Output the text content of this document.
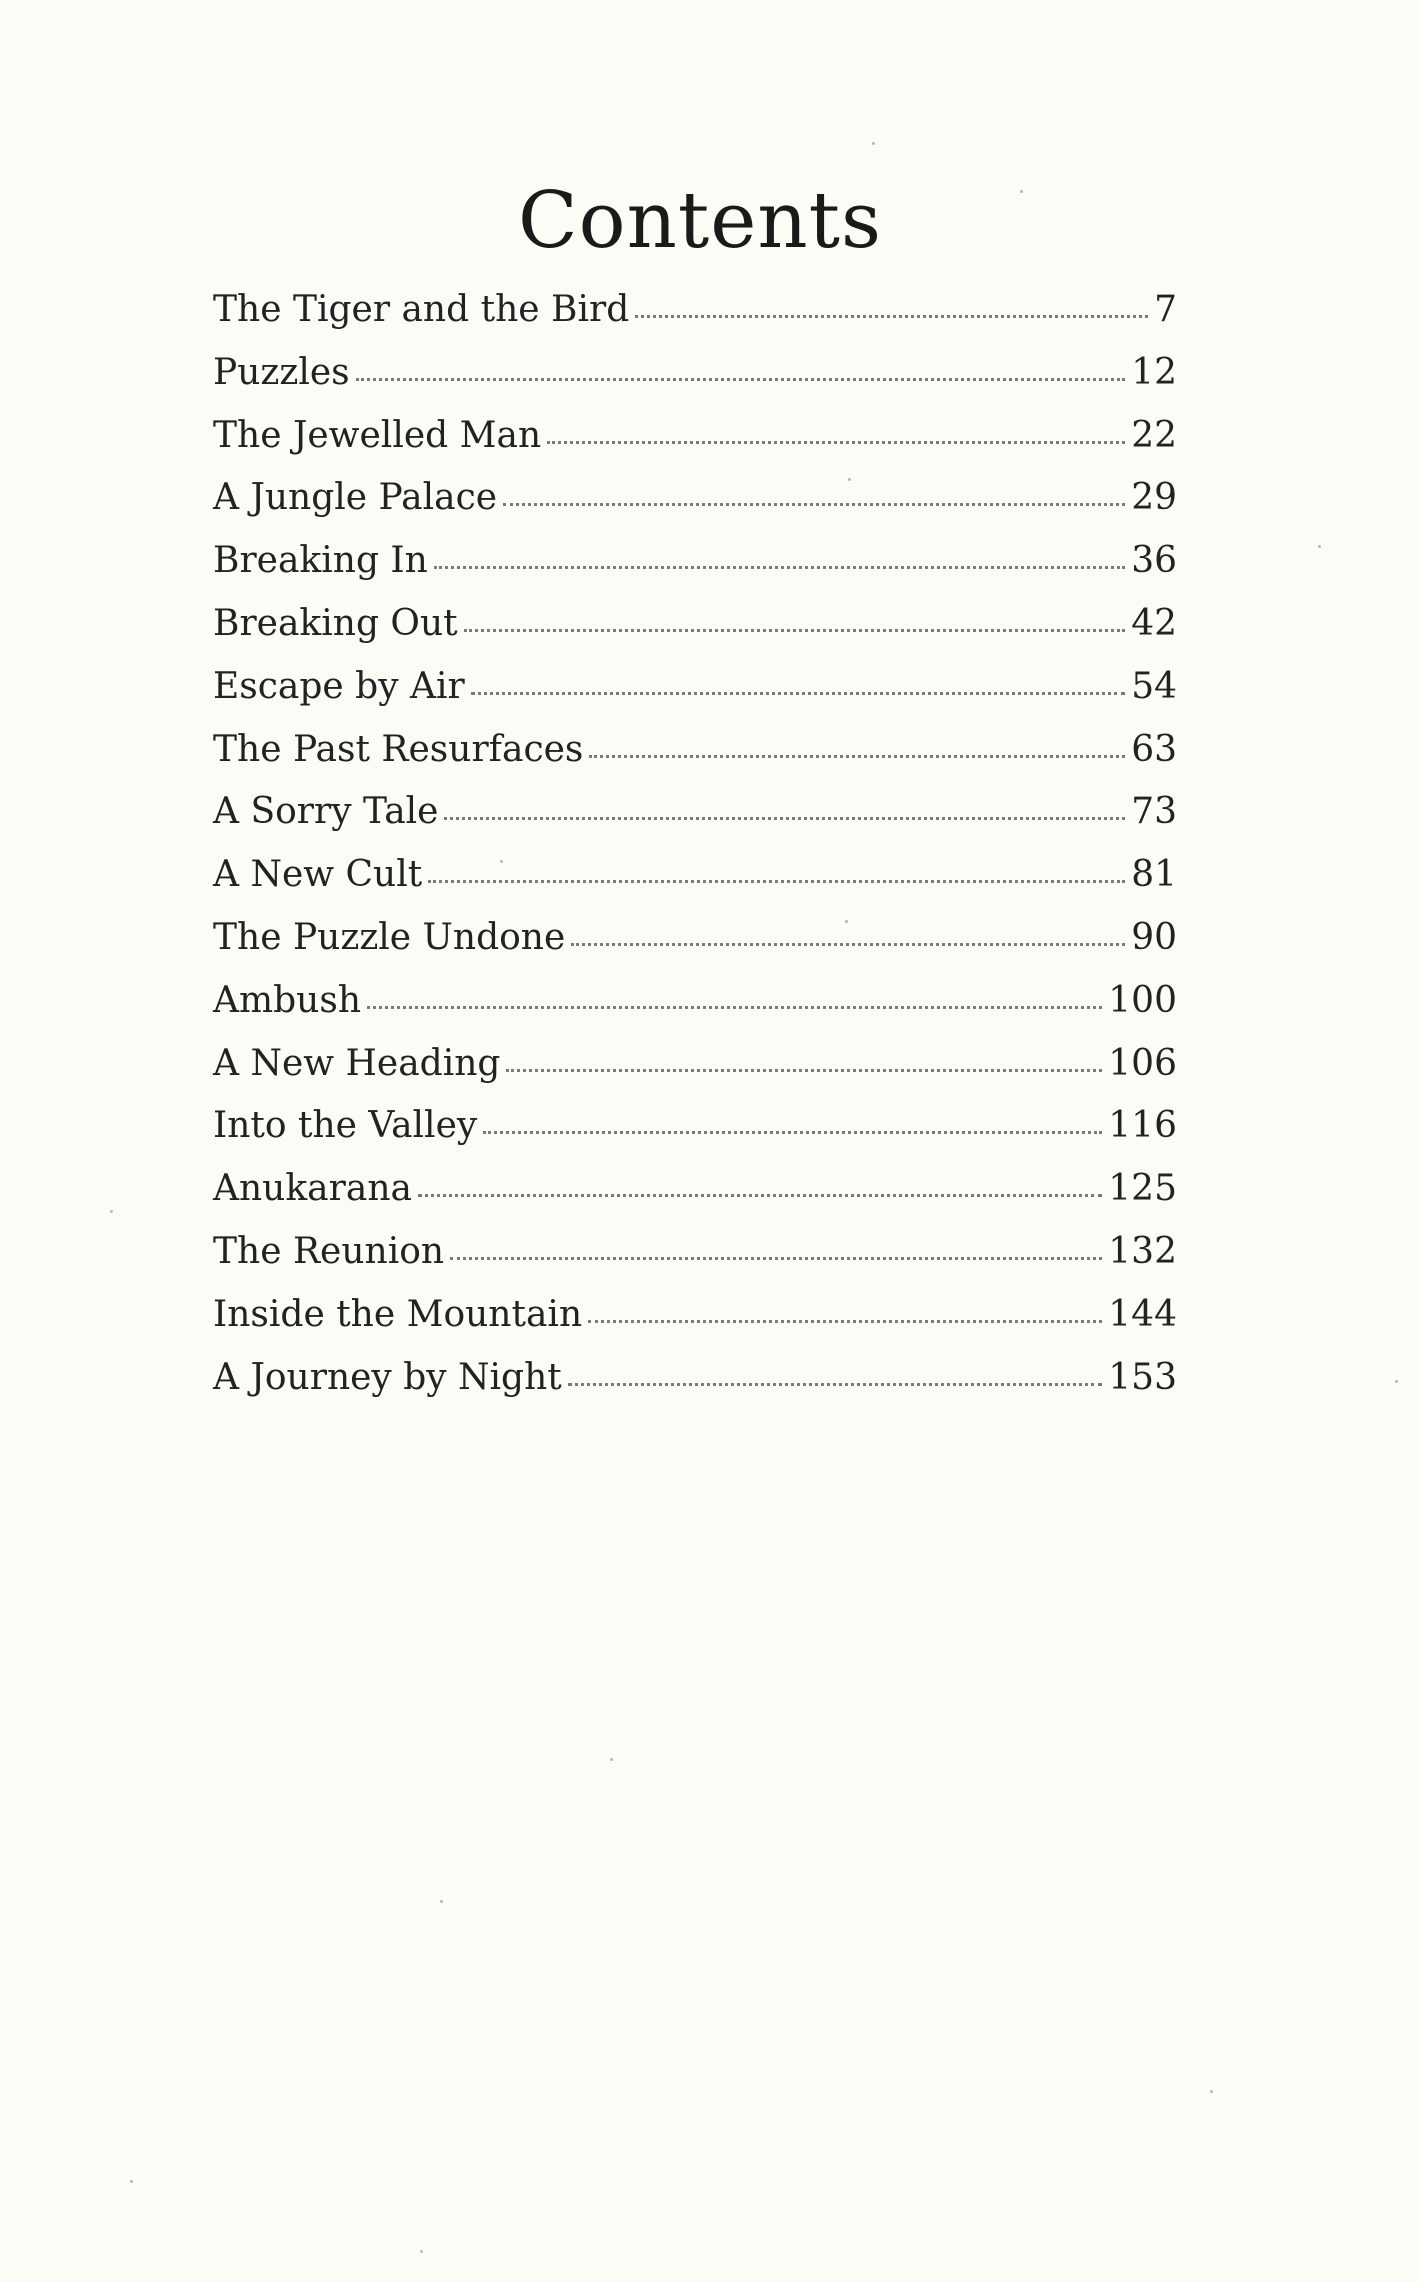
Contents
The Tiger and the Bird	7
Puzzles	12
The Jewelled Man	22
A Jungle Palace	29
Breaking In	36
Breaking Out	42
Escape by Air	54
The Past Resurfaces	63
A Sorry Tale	73
A New Cult	81
The Puzzle Undone	90
Ambush	100
A New Heading	106
Into the Valley	116
Anukarana	125
The Reunion	132
Inside the Mountain	144
A Journey by Night	153
